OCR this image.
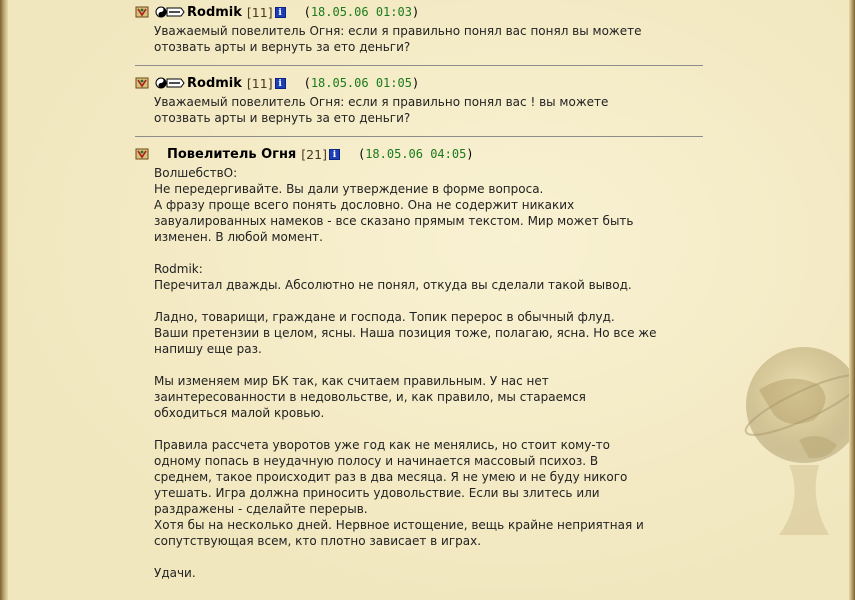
Rodmik [11] i	(18.05.06 01:03)

Уважаемый повелитель Огня: если я правильно понял вас понял вы можете

отозвать арты и вернуть за ето деньги?

Rodmik [11] i	(18.05.06 01:05)

Уважаемый повелитель Огня: если я правильно понял вас ! вы можете

отозвать арты и вернуть за ето деньги?

Повелитель Огня [21] i	(18.05.06 04:05)

ВолшебствО:

Не передергивайте. Вы дали утверждение в форме вопроса.

А фразу проще всего понять дословно. Она не содержит никаких

завуалированных намеков - все сказано прямым текстом. Мир может быть

изменен. В любой момент.

Rodmik:

Перечитал дважды. Абсолютно не понял, откуда вы сделали такой вывод.

Ладно, товарищи, граждане и господа. Топик перерос в обычный флуд.

Ваши претензии в целом, ясны. Наша позиция тоже, полагаю, ясна. Но все же

напишу еще раз.

Мы изменяем мир БК так, как считаем правильным. У нас нет

заинтересованности в недовольстве, и, как правило, мы стараемся

обходиться малой кровью.

Правила рассчета уворотов уже год как не менялись, но стоит кому-то

одному попась в неудачную полосу и начинается массовый психоз. В

среднем, такое происходит раз в два месяца. Я не умею и не буду никого

утешать. Игра должна приносить удовольствие. Если вы злитесь или

раздражены - сделайте перерыв.

Хотя бы на несколько дней. Нервное истощение, вещь крайне неприятная и

сопутствующая всем, кто плотно зависает в играх.

Удачи.
